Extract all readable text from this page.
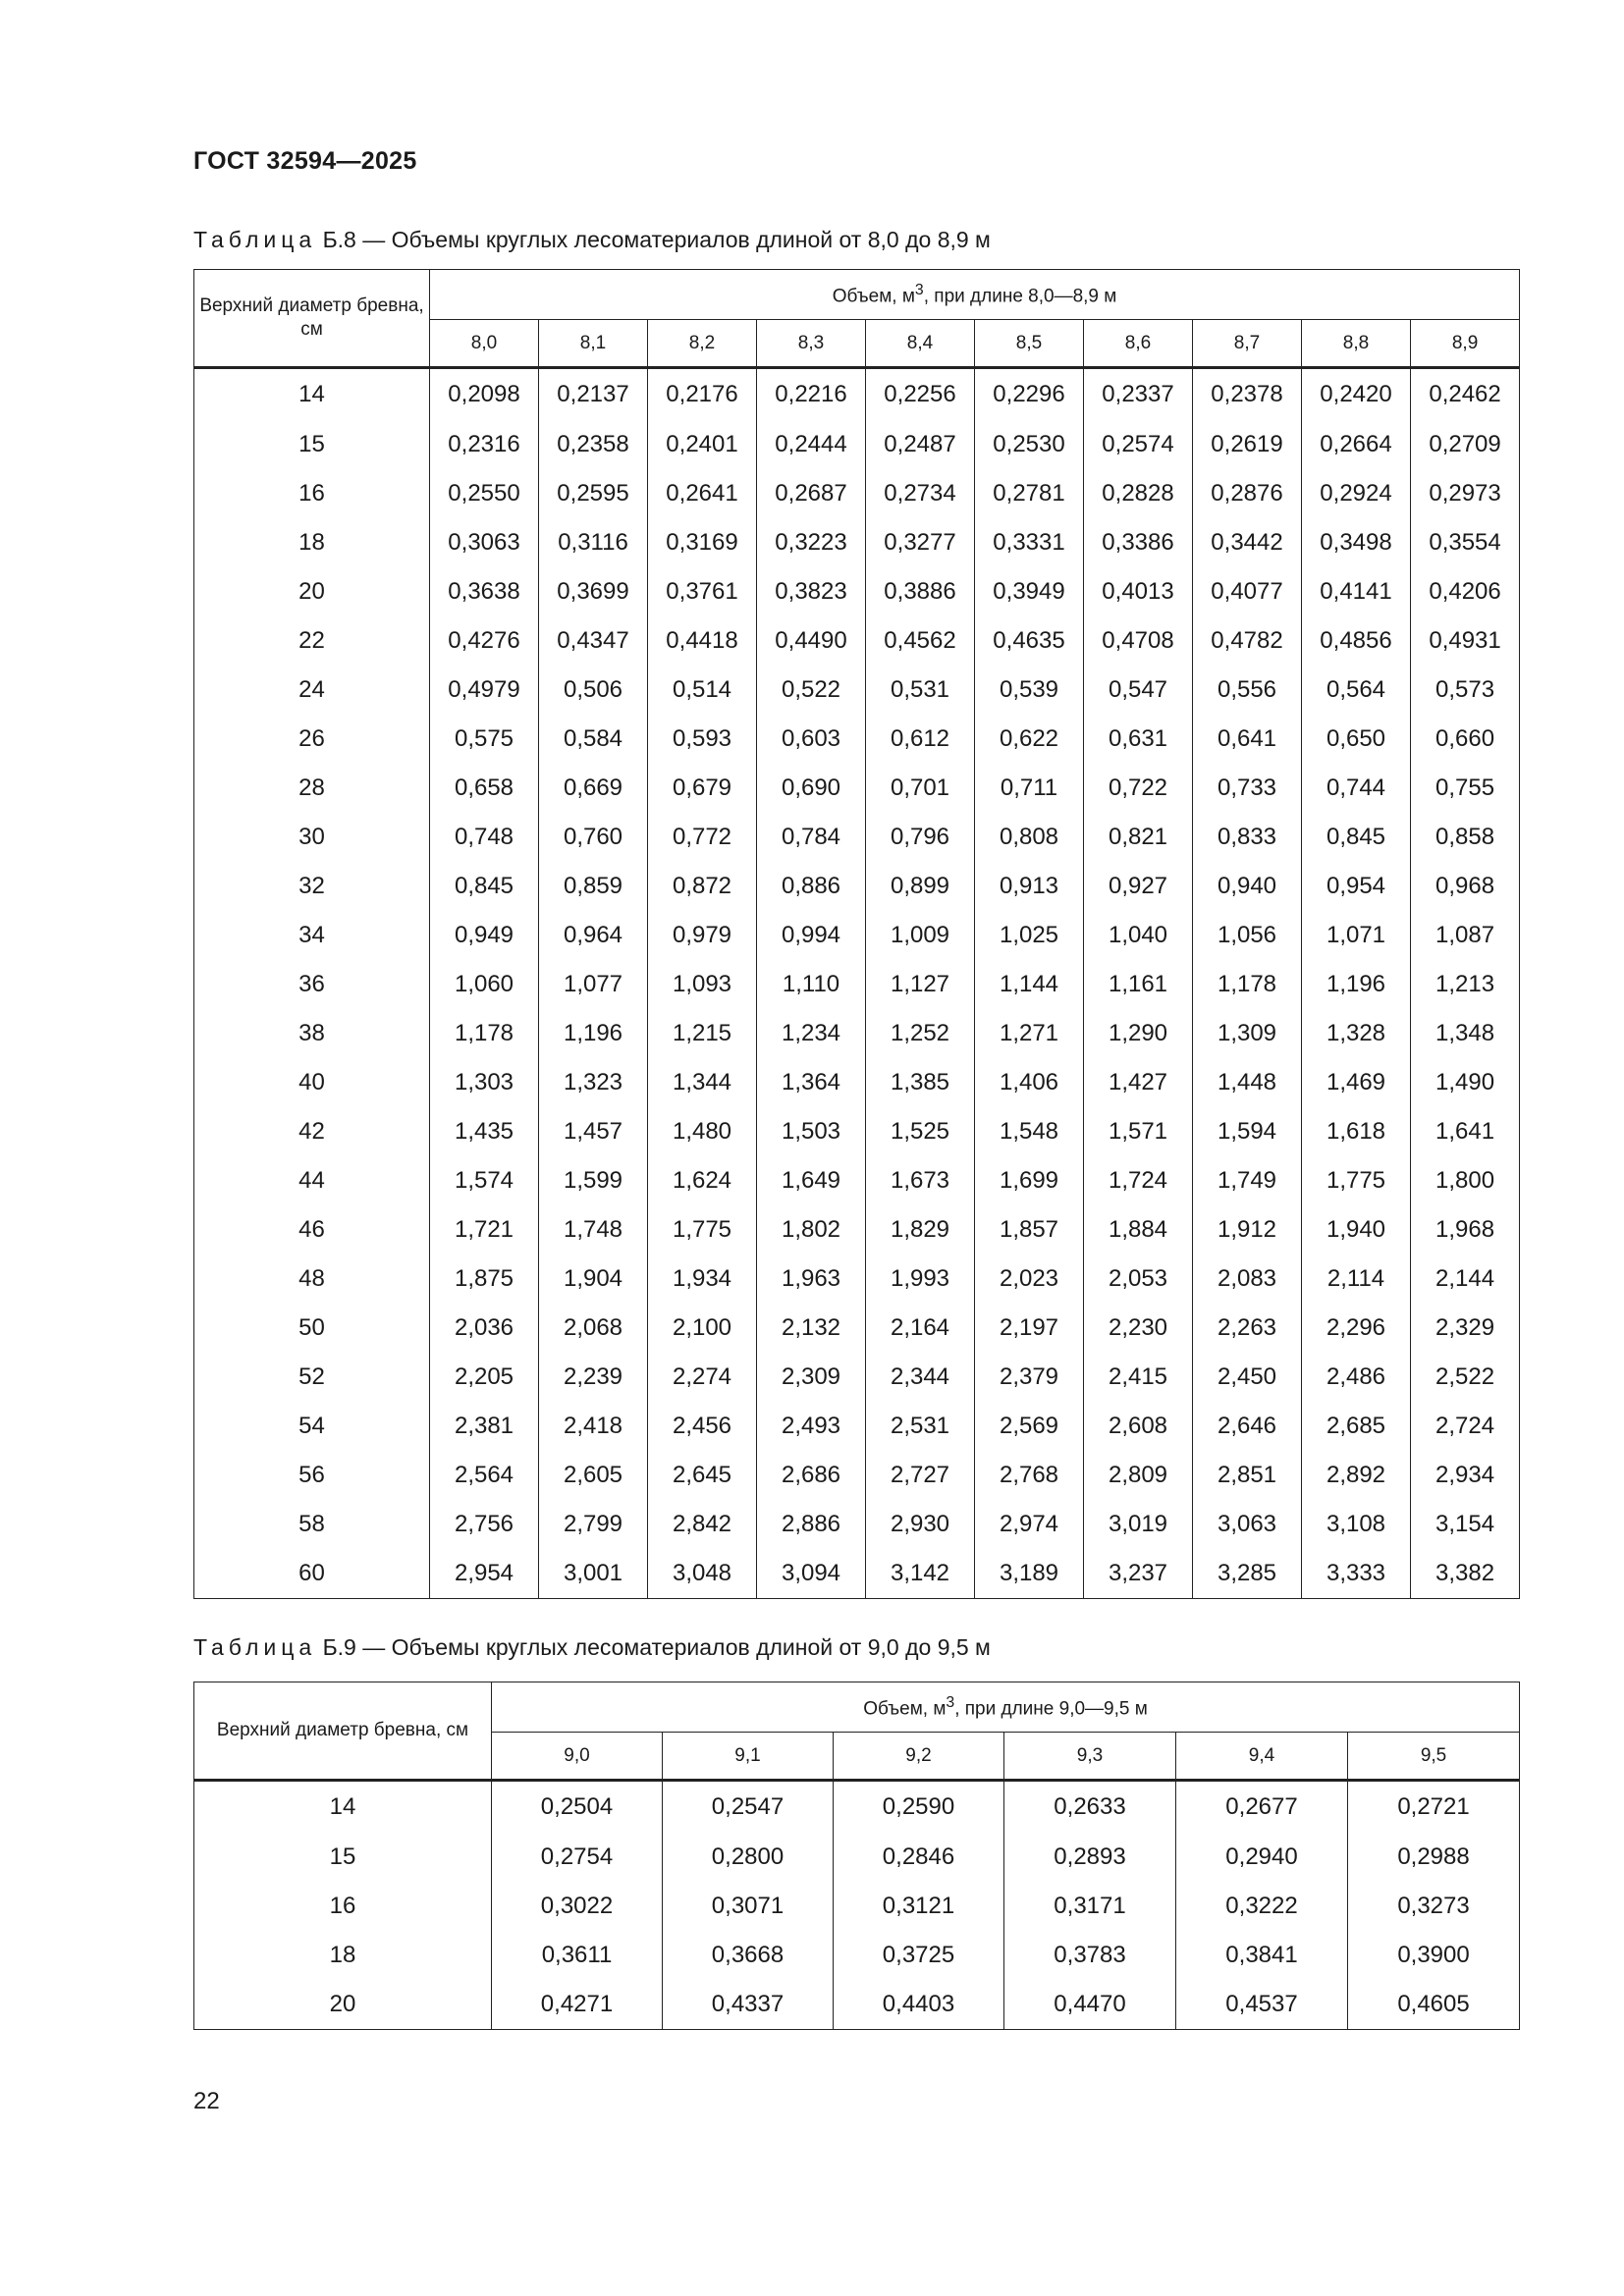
ГОСТ 32594—2025
Таблица Б.8 — Объемы круглых лесоматериалов длиной от 8,0 до 8,9 м
Верхний диаметр бревна, см	Объем, $м^3$, при длине 8,0—8,9 м									
	8,0	8,1	8,2	8,3	8,4	8,5	8,6	8,7	8,8	8,9
14	0,2098	0,2137	0,2176	0,2216	0,2256	0,2296	0,2337	0,2378	0,2420	0,2462
15	0,2316	0,2358	0,2401	0,2444	0,2487	0,2530	0,2574	0,2619	0,2664	0,2709
16	0,2550	0,2595	0,2641	0,2687	0,2734	0,2781	0,2828	0,2876	0,2924	0,2973
18	0,3063	0,3116	0,3169	0,3223	0,3277	0,3331	0,3386	0,3442	0,3498	0,3554
20	0,3638	0,3699	0,3761	0,3823	0,3886	0,3949	0,4013	0,4077	0,4141	0,4206
22	0,4276	0,4347	0,4418	0,4490	0,4562	0,4635	0,4708	0,4782	0,4856	0,4931
24	0,4979	0,506	0,514	0,522	0,531	0,539	0,547	0,556	0,564	0,573
26	0,575	0,584	0,593	0,603	0,612	0,622	0,631	0,641	0,650	0,660
28	0,658	0,669	0,679	0,690	0,701	0,711	0,722	0,733	0,744	0,755
30	0,748	0,760	0,772	0,784	0,796	0,808	0,821	0,833	0,845	0,858
32	0,845	0,859	0,872	0,886	0,899	0,913	0,927	0,940	0,954	0,968
34	0,949	0,964	0,979	0,994	1,009	1,025	1,040	1,056	1,071	1,087
36	1,060	1,077	1,093	1,110	1,127	1,144	1,161	1,178	1,196	1,213
38	1,178	1,196	1,215	1,234	1,252	1,271	1,290	1,309	1,328	1,348
40	1,303	1,323	1,344	1,364	1,385	1,406	1,427	1,448	1,469	1,490
42	1,435	1,457	1,480	1,503	1,525	1,548	1,571	1,594	1,618	1,641
44	1,574	1,599	1,624	1,649	1,673	1,699	1,724	1,749	1,775	1,800
46	1,721	1,748	1,775	1,802	1,829	1,857	1,884	1,912	1,940	1,968
48	1,875	1,904	1,934	1,963	1,993	2,023	2,053	2,083	2,114	2,144
50	2,036	2,068	2,100	2,132	2,164	2,197	2,230	2,263	2,296	2,329
52	2,205	2,239	2,274	2,309	2,344	2,379	2,415	2,450	2,486	2,522
54	2,381	2,418	2,456	2,493	2,531	2,569	2,608	2,646	2,685	2,724
56	2,564	2,605	2,645	2,686	2,727	2,768	2,809	2,851	2,892	2,934
58	2,756	2,799	2,842	2,886	2,930	2,974	3,019	3,063	3,108	3,154
60	2,954	3,001	3,048	3,094	3,142	3,189	3,237	3,285	3,333	3,382
Таблица Б.9 — Объемы круглых лесоматериалов длиной от 9,0 до 9,5 м
Верхний диаметр бревна, см	Объем, $м^3$, при длине 9,0—9,5 м					
	9,0	9,1	9,2	9,3	9,4	9,5
14	0,2504	0,2547	0,2590	0,2633	0,2677	0,2721
15	0,2754	0,2800	0,2846	0,2893	0,2940	0,2988
16	0,3022	0,3071	0,3121	0,3171	0,3222	0,3273
18	0,3611	0,3668	0,3725	0,3783	0,3841	0,3900
20	0,4271	0,4337	0,4403	0,4470	0,4537	0,4605
22
